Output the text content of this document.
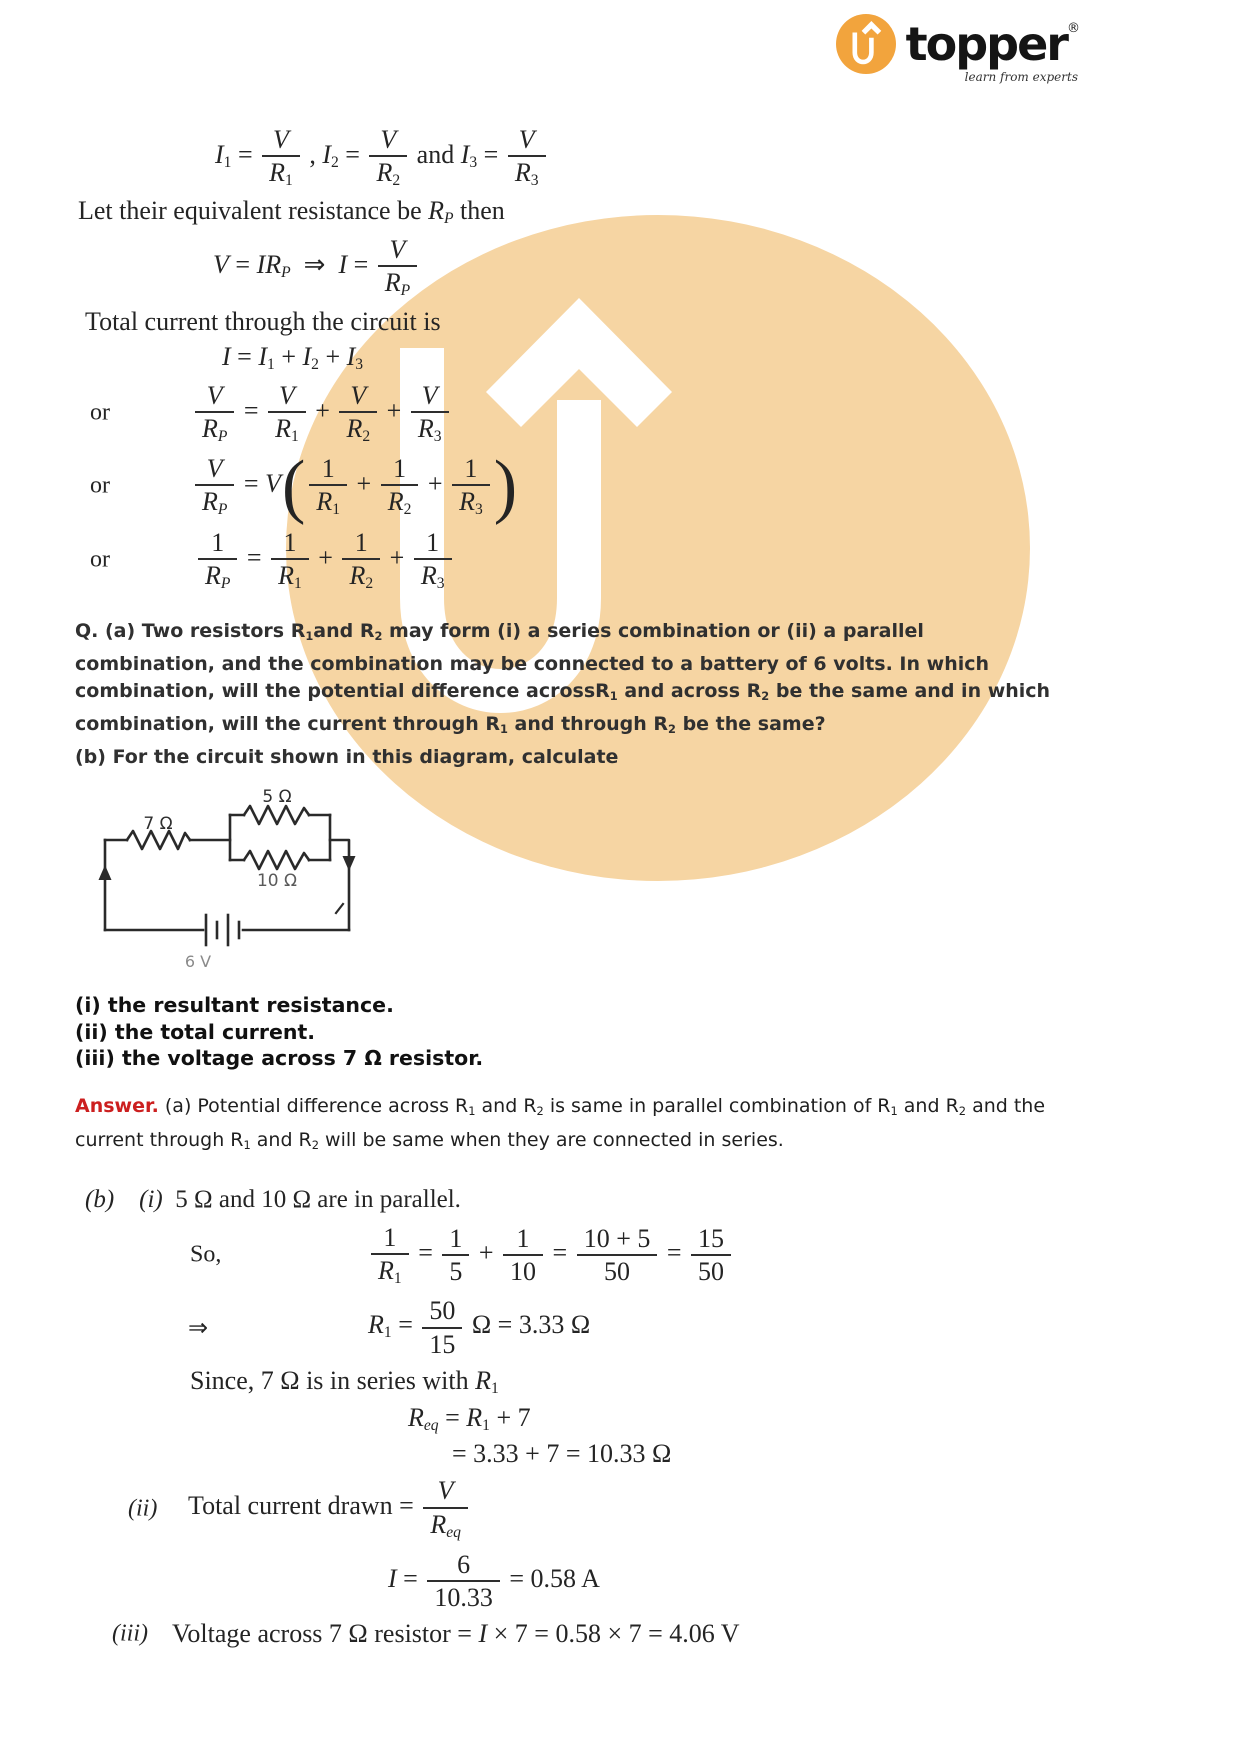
topper®
learn from experts
$I1 = \frac{V}{R1}$ , $I2 = \frac{V}{R2}$ and $I3 = \frac{V}{R3}$
Let their equivalent resistance be RP then
V = IRP  ⇒  $I = \frac{V}{RP}$
Total current through the circuit is
I = I1 + I2 + I3
or	$\frac{V}{RP} = \frac{V}{R1} + \frac{V}{R2} + \frac{V}{R3}$
or	$\frac{V}{RP} = V$ ( $\frac{1}{R1} + \frac{1}{R2} + \frac{1}{R3}$ )
or	$\frac{1}{RP} = \frac{1}{R1} + \frac{1}{R2} + \frac{1}{R3}$
Q. (a) Two resistors R1and R2 may form (i) a series combination or (ii) a parallel
combination, and the combination may be connected to a battery of 6 volts. In which
combination, will the potential difference acrossR1 and across R2 be the same and in which
combination, will the current through R1 and through R2 be the same?
(b) For the circuit shown in this diagram, calculate
7 Ω
5 Ω
10 Ω
6 V
(i) the resultant resistance.
(ii) the total current.
(iii) the voltage across 7 Ω resistor.
Answer. (a) Potential difference across R1 and R2 is same in parallel combination of R1 and R2 and the
current through R1 and R2 will be same when they are connected in series.
(b) (i)  5 Ω and 10 Ω are in parallel.
So,	$\frac{1}{R1} = \frac{1}{5} + \frac{1}{10} = \frac{10 + 5}{50} = \frac{15}{50}$
⇒	$R1 = \frac{50}{15}$ Ω = 3.33 Ω
Since, 7 Ω is in series with R1
Req = R1 + 7
= 3.33 + 7 = 10.33 Ω
(ii) Total current drawn = $\frac{V}{\text{Req}}$
$I = \frac{6}{10.33} = 0.58$ A
(iii) Voltage across 7 Ω resistor = I × 7 = 0.58 × 7 = 4.06 V
